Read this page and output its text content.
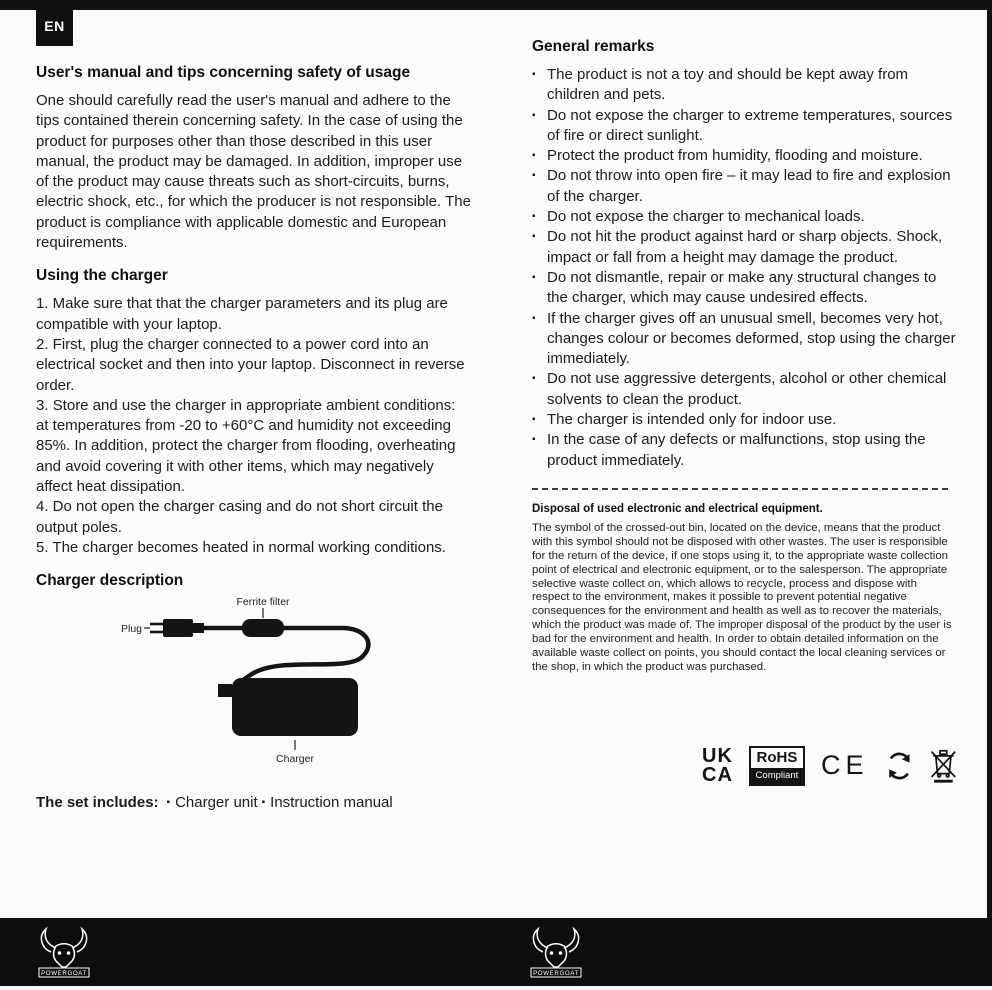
EN
User's manual and tips concerning safety of usage

One should carefully read the user's manual and adhere to the tips contained therein concerning safety. In the case of using the product for purposes other than those described in this user manual, the product may be damaged. In addition, improper use of the product may cause threats such as short-circuits, burns, electric shock, etc., for which the producer is not responsible. The product is compliance with applicable domestic and European requirements.

Using the charger
1. Make sure that that the charger parameters and its plug are compatible with your laptop.
2. First, plug the charger connected to a power cord into an electrical socket and then into your laptop. Disconnect in reverse order.
3. Store and use the charger in appropriate ambient conditions: at temperatures from -20 to +60°C and humidity not exceeding 85%. In addition, protect the charger from flooding, overheating and avoid covering it with other items, which may negatively affect heat dissipation.
4. Do not open the charger casing and do not short circuit the output poles.
5. The charger becomes heated in normal working conditions.
Charger description
Ferrite filter
Plug
Charger
The set includes: ▪ Charger unit ▪ Instruction manual
General remarks
▪ The product is not a toy and should be kept away from children and pets.
▪ Do not expose the charger to extreme temperatures, sources of fire or direct sunlight.
▪ Protect the product from humidity, flooding and moisture.
▪ Do not throw into open fire – it may lead to fire and explosion of the charger.
▪ Do not expose the charger to mechanical loads.
▪ Do not hit the product against hard or sharp objects. Shock, impact or fall from a height may damage the product.
▪ Do not dismantle, repair or make any structural changes to the charger, which may cause undesired effects.
▪ If the charger gives off an unusual smell, becomes very hot, changes colour or becomes deformed, stop using the charger immediately.
▪ Do not use aggressive detergents, alcohol or other chemical solvents to clean the product.
▪ The charger is intended only for indoor use.
▪ In the case of any defects or malfunctions, stop using the product immediately.
Disposal of used electronic and electrical equipment.

The symbol of the crossed-out bin, located on the device, means that the product with this symbol should not be disposed with other wastes. The user is responsible for the return of the device, if one stops using it, to the appropriate waste collection point of electrical and electronic equipment, or to the salesperson. The appropriate selective waste collect on, which allows to recycle, process and dispose with respect to the environment, makes it possible to prevent potential negative consequences for the environment and health as well as to recover the materials, which the product was made of. The improper disposal of the product by the user is bad for the environment and health. In order to obtain detailed information on the available waste collect on points, you should contact the local cleaning services or the shop, in which the product was purchased.

UK
CA
RoHS
Compliant CE
POWERGOAT	POWERGOAT
